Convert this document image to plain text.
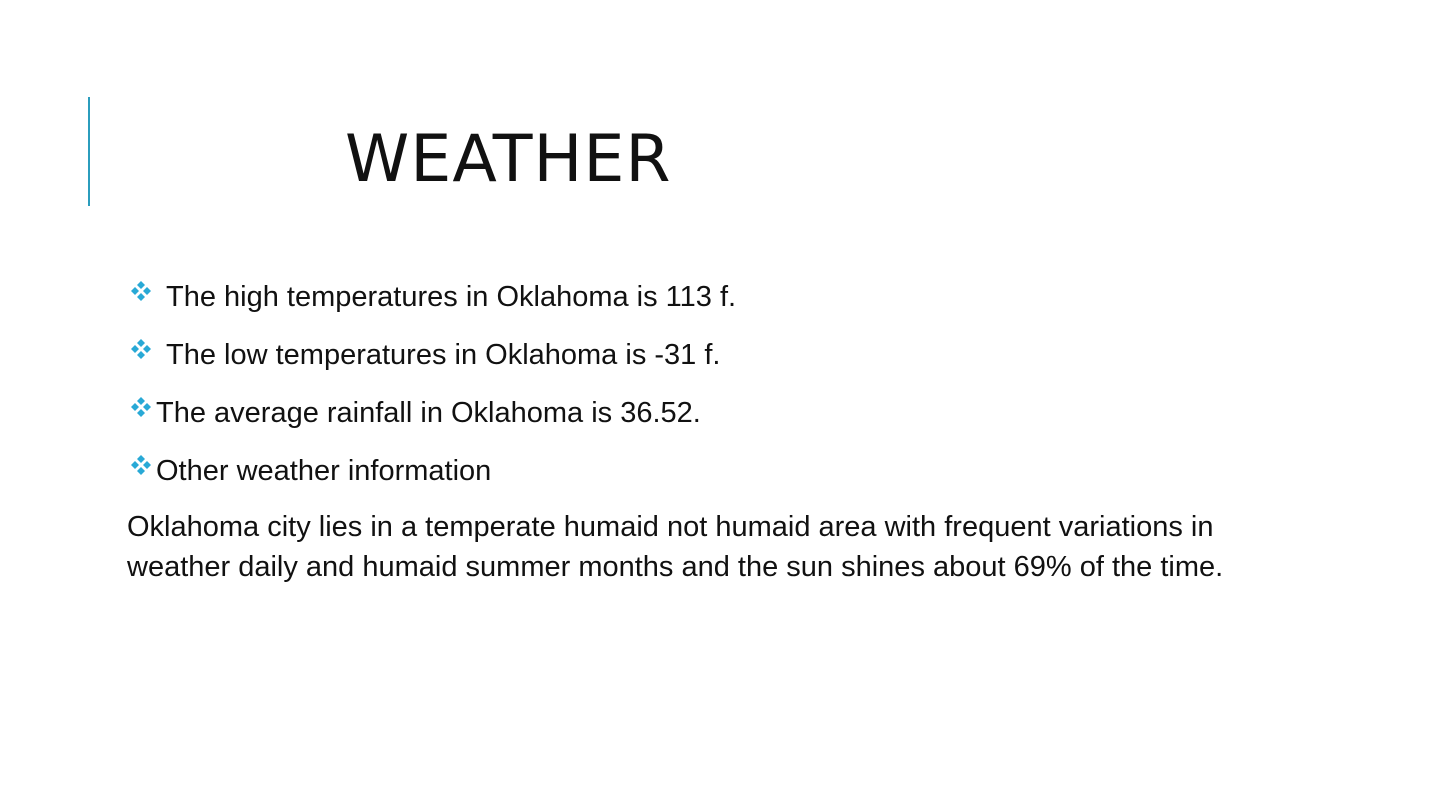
WEATHER
The high temperatures in Oklahoma is 113 f.
The low temperatures in Oklahoma is -31 f.
The average rainfall in Oklahoma is 36.52.
Other weather information

Oklahoma city lies in a temperate humaid not humaid area with frequent variations in weather daily and humaid summer months and the sun shines about 69% of the time.
